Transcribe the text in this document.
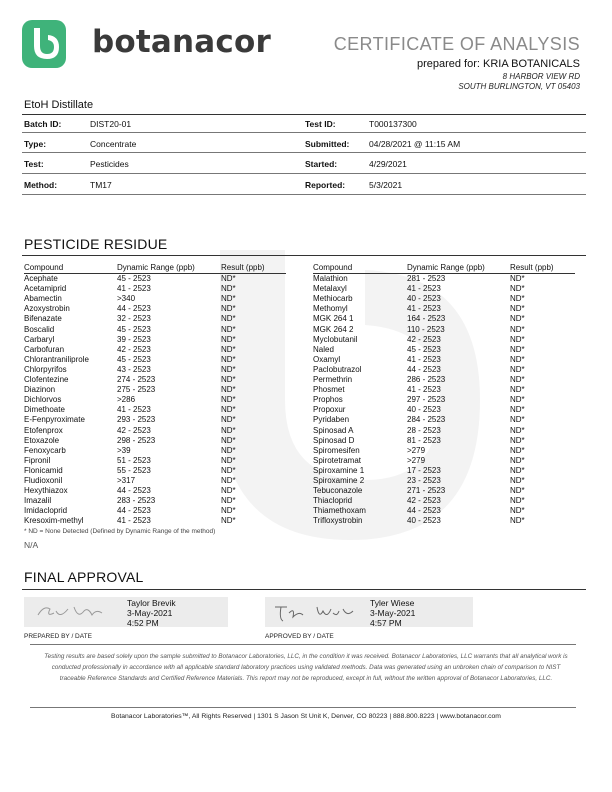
botanacor	CERTIFICATE OF ANALYSIS
prepared for: KRIA BOTANICALS
8 HARBOR VIEW RD
SOUTH BURLINGTON, VT 05403
EtoH Distillate
Batch ID:	DIST20-01	Test ID:	T000137300
Type:	Concentrate	Submitted: 04/28/2021 @ 11:15 AM
Test:	Pesticides	Started:	4/29/2021
Method:	TM17	Reported:	5/3/2021
PESTICIDE RESIDUE
Compound	Dynamic Range (ppb)	Result (ppb)
Acephate	45 - 2523	ND*
Acetamiprid	41 - 2523	ND*
Abamectin	>340	ND*
Azoxystrobin	44 - 2523	ND*
Bifenazate	32 - 2523	ND*
Boscalid	45 - 2523	ND*
Carbaryl	39 - 2523	ND*
Carbofuran	42 - 2523	ND*
Chlorantraniliprole	45 - 2523	ND*
Chlorpyrifos	43 - 2523	ND*
Clofentezine	274 - 2523	ND*
Diazinon	275 - 2523	ND*
Dichlorvos	>286	ND*
Dimethoate	41 - 2523	ND*
E-Fenpyroximate	293 - 2523	ND*
Etofenprox	42 - 2523	ND*
Etoxazole	298 - 2523	ND*
Fenoxycarb	>39	ND*
Fipronil	51 - 2523	ND*
Flonicamid	55 - 2523	ND*
Fludioxonil	>317	ND*
Hexythiazox	44 - 2523	ND*
Imazalil	283 - 2523	ND*
Imidacloprid	44 - 2523	ND*
Kresoxim-methyl	41 - 2523	ND*
Compound	Dynamic Range (ppb)	Result (ppb)
Malathion	281 - 2523	ND*
Metalaxyl	41 - 2523	ND*
Methiocarb	40 - 2523	ND*
Methomyl	41 - 2523	ND*
MGK 264 1	164 - 2523	ND*
MGK 264 2	110 - 2523	ND*
Myclobutanil	42 - 2523	ND*
Naled	45 - 2523	ND*
Oxamyl	41 - 2523	ND*
Paclobutrazol	44 - 2523	ND*
Permethrin	286 - 2523	ND*
Phosmet	41 - 2523	ND*
Prophos	297 - 2523	ND*
Propoxur	40 - 2523	ND*
Pyridaben	284 - 2523	ND*
Spinosad A	28 - 2523	ND*
Spinosad D	81 - 2523	ND*
Spiromesifen	>279	ND*
Spirotetramat	>279	ND*
Spiroxamine 1	17 - 2523	ND*
Spiroxamine 2	23 - 2523	ND*
Tebuconazole	271 - 2523	ND*
Thiacloprid	42 - 2523	ND*
Thiamethoxam	44 - 2523	ND*
Trifloxystrobin	40 - 2523	ND*
* ND = None Detected (Defined by Dynamic Range of the method)
N/A
FINAL APPROVAL
Taylor Brevik
3-May-2021
4:52 PM
PREPARED BY / DATE
Tyler Wiese
3-May-2021
4:57 PM
APPROVED BY / DATE
Testing results are based solely upon the sample submitted to Botanacor Laboratories, LLC, in the condition it was received. Botanacor Laboratories, LLC warrants that all analytical work is conducted professionally in accordance with all applicable standard laboratory practices using validated methods. Data was generated using an unbroken chain of comparison to NIST traceable Reference Standards and Certified Reference Materials. This report may not be reproduced, except in full, without the written approval of Botanacor Laboratories, LLC.
Botanacor Laboratories™, All Rights Reserved | 1301 S Jason St Unit K, Denver, CO 80223 | 888.800.8223 | www.botanacor.com
